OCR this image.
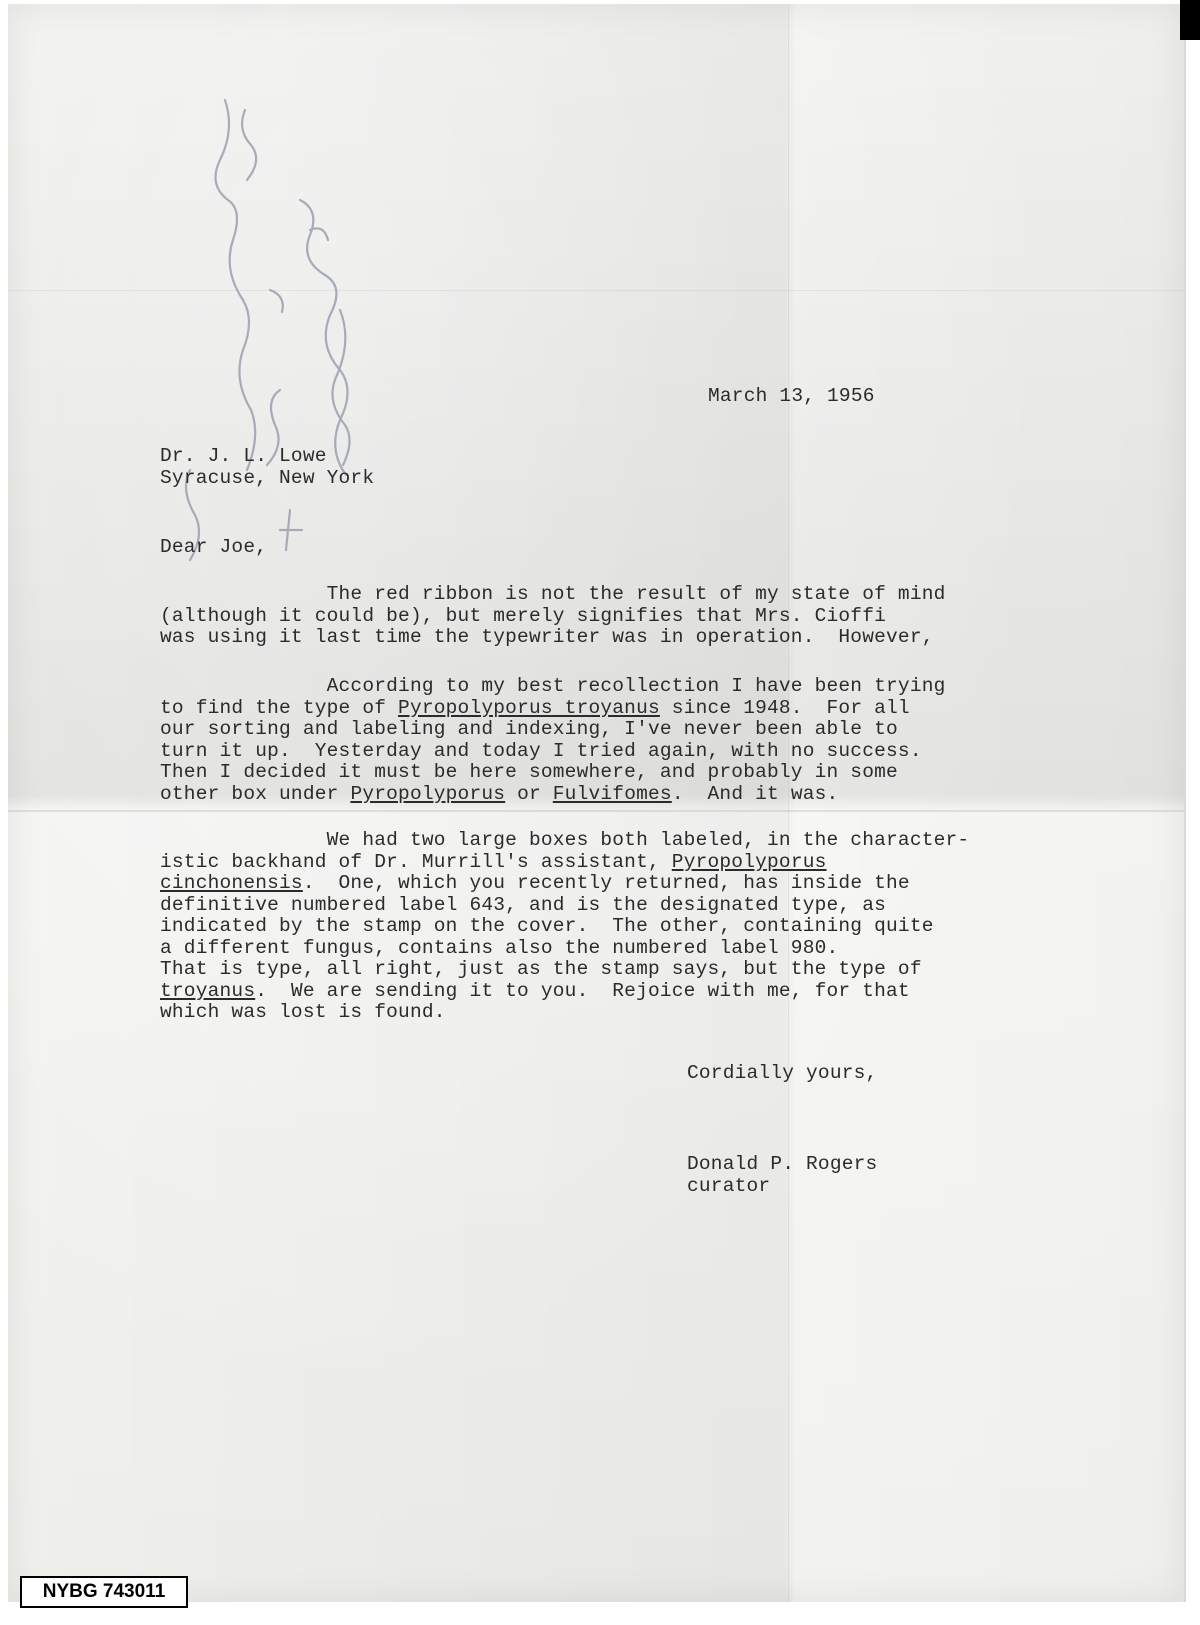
March 13, 1956
Dr. J. L. Lowe
Syracuse, New York
Dear Joe,
The red ribbon is not the result of my state of mind
(although it could be), but merely signifies that Mrs. Cioffi
was using it last time the typewriter was in operation.  However,
According to my best recollection I have been trying
to find the type of Pyropolyporus troyanus since 1948.  For all
our sorting and labeling and indexing, I've never been able to
turn it up.  Yesterday and today I tried again, with no success.
Then I decided it must be here somewhere, and probably in some
other box under Pyropolyporus or Fulvifomes.  And it was.
We had two large boxes both labeled, in the character-
istic backhand of Dr. Murrill's assistant, Pyropolyporus
cinchonensis.  One, which you recently returned, has inside the
definitive numbered label 643, and is the designated type, as
indicated by the stamp on the cover.  The other, containing quite
a different fungus, contains also the numbered label 980.
That is type, all right, just as the stamp says, but the type of
troyanus.  We are sending it to you.  Rejoice with me, for that
which was lost is found.
Cordially yours,
Donald P. Rogers
curator
NYBG 743011
